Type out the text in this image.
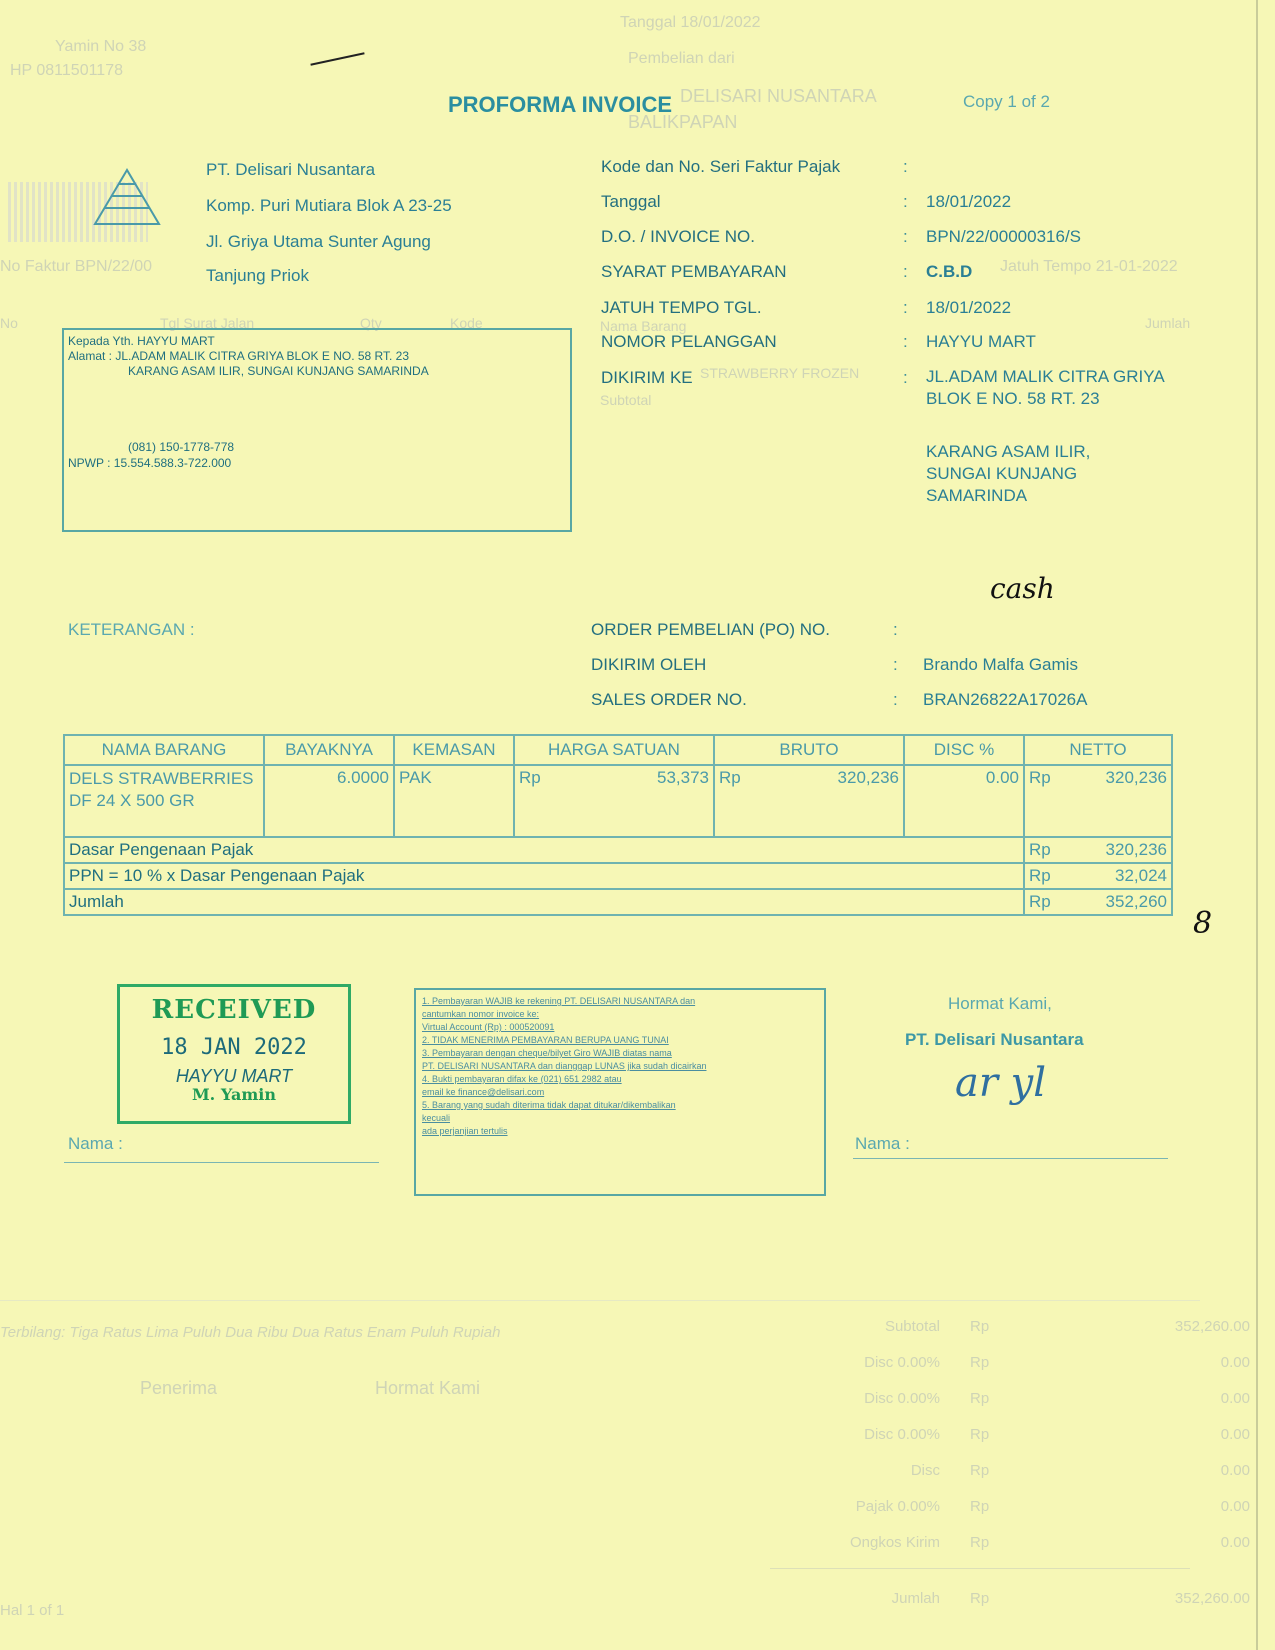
Yamin No 38
HP 0811501178
Tanggal 18/01/2022
Pembelian dari
DELISARI NUSANTARA
BALIKPAPAN
No Faktur BPN/22/00	Jatuh Tempo 21-01-2022
No	Tgl Surat Jalan	Qty	Kode	Nama Barang	Jumlah
STRAWBERRY FROZEN
Subtotal
Terbilang: Tiga Ratus Lima Puluh Dua Ribu Dua Ratus Enam Puluh Rupiah
Penerima	Hormat Kami
Hal 1 of 1
Subtotal Rp	352,260.00
Disc 0.00% Rp	0.00
Disc 0.00% Rp	0.00
Disc 0.00% Rp	0.00
Disc Rp	0.00
Pajak 0.00% Rp	0.00
Ongkos Kirim Rp	0.00
Jumlah Rp	352,260.00
PROFORMA INVOICE	Copy 1 of 2
PT. Delisari Nusantara
Komp. Puri Mutiara Blok A 23-25
Jl. Griya Utama Sunter Agung
Tanjung Priok
Kode dan No. Seri Faktur Pajak	:
Tanggal	: 18/01/2022
D.O. / INVOICE NO.	: BPN/22/00000316/S
SYARAT PEMBAYARAN	: C.B.D
JATUH TEMPO TGL.	: 18/01/2022
NOMOR PELANGGAN	: HAYYU MART
DIKIRIM KE	: JL.ADAM MALIK CITRA GRIYA BLOK E NO. 58 RT. 23
KARANG ASAM ILIR, SUNGAI KUNJANG SAMARINDA
Kepada Yth. HAYYU MART
Alamat : JL.ADAM MALIK CITRA GRIYA BLOK E NO. 58 RT. 23
KARANG ASAM ILIR, SUNGAI KUNJANG SAMARINDA
(081) 150-1778-778
NPWP : 15.554.588.3-722.000
cash
8
KETERANGAN :	ORDER PEMBELIAN (PO) NO.	:
DIKIRIM OLEH	: Brando Malfa Gamis
SALES ORDER NO.	: BRAN26822A17026A
NAMA BARANG	BAYAKNYA	KEMASAN	HARGA SATUAN	BRUTO	DISC %	NETTO
DELS STRAWBERRIES DF 24 X 500 GR	6.0000	PAK	Rp 53,373	Rp 320,236	0.00	Rp 320,236

Dasar Pengenaan Pajak						Rp 320,236

PPN = 10 % x Dasar Pengenaan Pajak						Rp 32,024

Jumlah						Rp 352,260
RECEIVED
18 JAN 2022
HAYYU MART
M. Yamin
1. Pembayaran WAJIB ke rekening PT. DELISARI NUSANTARA dan
cantumkan nomor invoice ke:
Virtual Account (Rp) : 000520091
2. TIDAK MENERIMA PEMBAYARAN BERUPA UANG TUNAI
3. Pembayaran dengan cheque/bilyet Giro WAJIB diatas nama
PT. DELISARI NUSANTARA dan dianggap LUNAS jika sudah dicairkan
4. Bukti pembayaran difax ke (021) 651 2982 atau
email ke finance@delisari.com
5. Barang yang sudah diterima tidak dapat ditukar/dikembalikan
kecuali
ada perjanjian tertulis
Nama :
Hormat Kami,
PT. Delisari Nusantara
ar yl
Nama :
